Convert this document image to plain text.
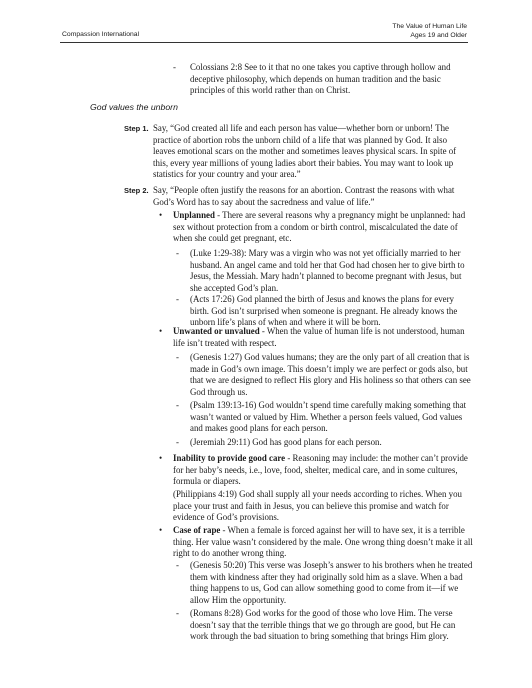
Compassion International
The Value of Human Life
Ages 19 and Older
-	Colossians 2:8 See to it that no one takes you captive through hollow and deceptive philosophy, which depends on human tradition and the basic principles of this world rather than on Christ.
God values the unborn
Step 1. Say, “God created all life and each person has value—whether born or unborn! The practice of abortion robs the unborn child of a life that was planned by God. It also leaves emotional scars on the mother and sometimes leaves physical scars. In spite of this, every year millions of young ladies abort their babies. You may want to look up statistics for your country and your area.”
Step 2. Say, “People often justify the reasons for an abortion. Contrast the reasons with what God’s Word has to say about the sacredness and value of life.”
• Unplanned - There are several reasons why a pregnancy might be unplanned: had sex without protection from a condom or birth control, miscalculated the date of when she could get pregnant, etc.
-	(Luke 1:29-38): Mary was a virgin who was not yet officially married to her husband. An angel came and told her that God had chosen her to give birth to Jesus, the Messiah. Mary hadn’t planned to become pregnant with Jesus, but she accepted God’s plan.
-	(Acts 17:26) God planned the birth of Jesus and knows the plans for every birth. God isn’t surprised when someone is pregnant. He already knows the unborn life’s plans of when and where it will be born.
• Unwanted or unvalued - When the value of human life is not understood, human life isn’t treated with respect.
-	(Genesis 1:27) God values humans; they are the only part of all creation that is made in God’s own image. This doesn’t imply we are perfect or gods also, but that we are designed to reflect His glory and His holiness so that others can see God through us.
-	(Psalm 139:13-16) God wouldn’t spend time carefully making something that wasn’t wanted or valued by Him. Whether a person feels valued, God values and makes good plans for each person.
-	(Jeremiah 29:11) God has good plans for each person.
• Inability to provide good care - Reasoning may include: the mother can’t provide for her baby’s needs, i.e., love, food, shelter, medical care, and in some cultures, formula or diapers.
(Philippians 4:19) God shall supply all your needs according to riches. When you place your trust and faith in Jesus, you can believe this promise and watch for evidence of God’s provisions.
• Case of rape - When a female is forced against her will to have sex, it is a terrible thing. Her value wasn’t considered by the male. One wrong thing doesn’t make it all right to do another wrong thing.
-	(Genesis 50:20) This verse was Joseph’s answer to his brothers when he treated them with kindness after they had originally sold him as a slave. When a bad thing happens to us, God can allow something good to come from it—if we allow Him the opportunity.
-	(Romans 8:28) God works for the good of those who love Him. The verse doesn’t say that the terrible things that we go through are good, but He can work through the bad situation to bring something that brings Him glory.
